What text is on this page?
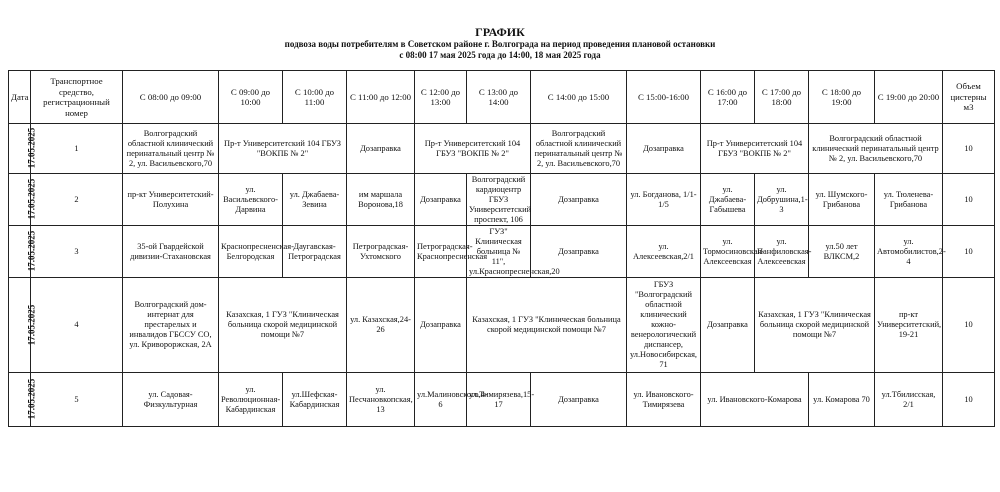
ГРАФИК
подвоза воды потребителям в Советском районе г. Волгограда на период проведения плановой остановки
с 08:00 17 мая 2025 года до 14:00, 18 мая 2025 года
Дата	Транспортное средство, регистрационный номер	С 08:00 до 09:00	С 09:00 до 10:00	С 10:00 до 11:00	С 11:00 до 12:00	С 12:00 до 13:00	С 13:00 до 14:00	С 14:00 до 15:00	С 15:00-16:00	С 16:00 до 17:00	С 17:00 до 18:00	С 18:00 до 19:00	С 19:00 до 20:00	Объем цистерны м3
17.05.2025	1	Волгоградский областной клинический перинатальный центр № 2, ул. Васильевского,70	Пр-т Университетский 104 ГБУЗ "ВОКПБ № 2"		Дозаправка	Пр-т Университетский 104 ГБУЗ "ВОКПБ № 2"		Волгоградский областной клинический перинатальный центр № 2, ул. Васильевского,70	Дозаправка	Пр-т Университетский 104 ГБУЗ "ВОКПБ № 2"		Волгоградский областной клинический перинатальный центр № 2, ул. Васильевского,70		10
17.05.2025	2	пр-кт Университетский-Полухина	ул. Васильевского-Дарвина	ул. Джабаева-Зевина	им маршала Воронова,18	Дозаправка	Волгоградский кардиоцентр ГБУЗ Университетский проспект, 106	Дозаправка	ул. Богданова, 1/1-1/5	ул. Джабаева-Габышева	ул. Добрушина,1-3	ул. Шумского-Грибанова	ул. Тюленева-Грибанова	10
17.05.2025	3	35-ой Гвардейской дивизии-Стахановская	Краснопресненская-Белгородская	Даугавская-Петроградская	Петроградская-Ухтомского	Петроградская-Краснопресненская	ГУЗ" Клиническая больница № 11", ул.Краснопресненская,20	Дозаправка	ул. Алексеевская,2/1	ул. Тормосиновская-Алексеевская	ул. Панфиловская-Алексеевская	ул.50 лет ВЛКСМ,2	ул. Автомобилистов,2-4	10
17.05.2025	4	Волгоградский дом-интернат для престарелых и инвалидов ГБССУ СО, ул. Кривороржская, 2А	Казахская, 1 ГУЗ "Клиническая больница скорой медицинской помощи №7		ул. Казахская,24-26	Дозаправка	Казахская, 1 ГУЗ "Клиническая больница скорой медицинской помощи №7		ГБУЗ "Волгоградский областной клинический кожно-венерологический диспансер, ул.Новосибирская, 71	Дозаправка	Казахская, 1 ГУЗ "Клиническая больница скорой медицинской помощи №7		пр-кт Университетский, 19-21	10
17.05.2025	5	ул. Садовая-Физкультурная	ул. Революционная-Кабардинская	ул.Шефская-Кабардинская	ул. Песчановкопская, 13	ул.Малиновского,4-6	ул.Тимирязева,15-17	Дозаправка	ул. Ивановского-Тимирязева	ул. Ивановского-Комарова		ул. Комарова 70	ул.Тбилисская, 2/1	10
